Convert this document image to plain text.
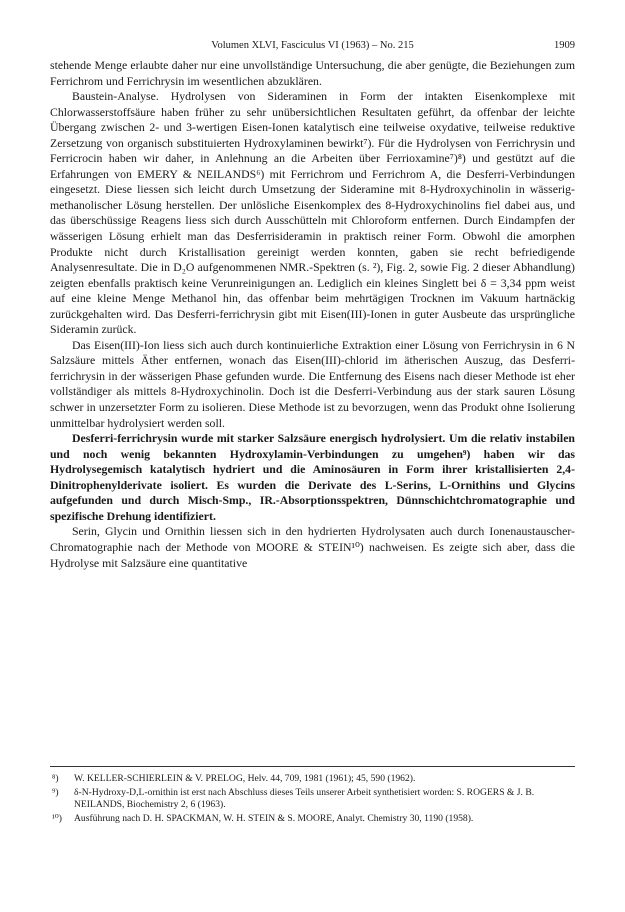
Volumen XLVI, Fasciculus VI (1963) – No. 215	1909

stehende Menge erlaubte daher nur eine unvollständige Untersuchung, die aber genügte, die Beziehungen zum Ferrichrom und Ferrichrysin im wesentlichen abzuklären.

Baustein-Analyse. Hydrolysen von Sideraminen in Form der intakten Eisenkomplexe mit Chlorwasserstoffsäure haben früher zu sehr unübersichtlichen Resultaten geführt, da offenbar der leichte Übergang zwischen 2- und 3-wertigen Eisen-Ionen katalytisch eine teilweise oxydative, teilweise reduktive Zersetzung von organisch substituierten Hydroxylaminen bewirkt⁷). Für die Hydrolysen von Ferrichrysin und Ferricrocin haben wir daher, in Anlehnung an die Arbeiten über Ferrioxamine⁷)⁸) und gestützt auf die Erfahrungen von EMERY & NEILANDS⁶) mit Ferrichrom und Ferrichrom A, die Desferri-Verbindungen eingesetzt. Diese liessen sich leicht durch Umsetzung der Sideramine mit 8-Hydroxychinolin in wässerig-methanolischer Lösung herstellen. Der unlösliche Eisenkomplex des 8-Hydroxychinolins fiel dabei aus, und das überschüssige Reagens liess sich durch Ausschütteln mit Chloroform entfernen. Durch Eindampfen der wässerigen Lösung erhielt man das Desferrisideramin in praktisch reiner Form. Obwohl die amorphen Produkte nicht durch Kristallisation gereinigt werden konnten, gaben sie recht befriedigende Analysenresultate. Die in D₂O aufgenommenen NMR.-Spektren (s. ²), Fig. 2, sowie Fig. 2 dieser Abhandlung) zeigten ebenfalls praktisch keine Verunreinigungen an. Lediglich ein kleines Singlett bei δ = 3,34 ppm weist auf eine kleine Menge Methanol hin, das offenbar beim mehrtägigen Trocknen im Vakuum hartnäckig zurückgehalten wird. Das Desferri-ferrichrysin gibt mit Eisen(III)-Ionen in guter Ausbeute das ursprüngliche Sideramin zurück.

Das Eisen(III)-Ion liess sich auch durch kontinuierliche Extraktion einer Lösung von Ferrichrysin in 6 N Salzsäure mittels Äther entfernen, wonach das Eisen(III)-chlorid im ätherischen Auszug, das Desferri-ferrichrysin in der wässerigen Phase gefunden wurde. Die Entfernung des Eisens nach dieser Methode ist eher vollständiger als mittels 8-Hydroxychinolin. Doch ist die Desferri-Verbindung aus der stark sauren Lösung schwer in unzersetzter Form zu isolieren. Diese Methode ist zu bevorzugen, wenn das Produkt ohne Isolierung unmittelbar hydrolysiert werden soll.

Desferri-ferrichrysin wurde mit starker Salzsäure energisch hydrolysiert. Um die relativ instabilen und noch wenig bekannten Hydroxylamin-Verbindungen zu umgehen⁹) haben wir das Hydrolysegemisch katalytisch hydriert und die Aminosäuren in Form ihrer kristallisierten 2,4-Dinitrophenylderivate isoliert. Es wurden die Derivate des L-Serins, L-Ornithins und Glycins aufgefunden und durch Misch-Smp., IR.-Absorptionsspektren, Dünnschichtchromatographie und spezifische Drehung identifiziert.

Serin, Glycin und Ornithin liessen sich in den hydrierten Hydrolysaten auch durch Ionenaustauscher-Chromatographie nach der Methode von MOORE & STEIN¹⁰) nachweisen. Es zeigte sich aber, dass die Hydrolyse mit Salzsäure eine quantitative

⁸) W. KELLER-SCHIERLEIN & V. PRELOG, Helv. 44, 709, 1981 (1961); 45, 590 (1962).
⁹) δ-N-Hydroxy-D,L-ornithin ist erst nach Abschluss dieses Teils unserer Arbeit synthetisiert worden: S. ROGERS & J. B. NEILANDS, Biochemistry 2, 6 (1963).
¹⁰) Ausführung nach D. H. SPACKMAN, W. H. STEIN & S. MOORE, Analyt. Chemistry 30, 1190 (1958).
